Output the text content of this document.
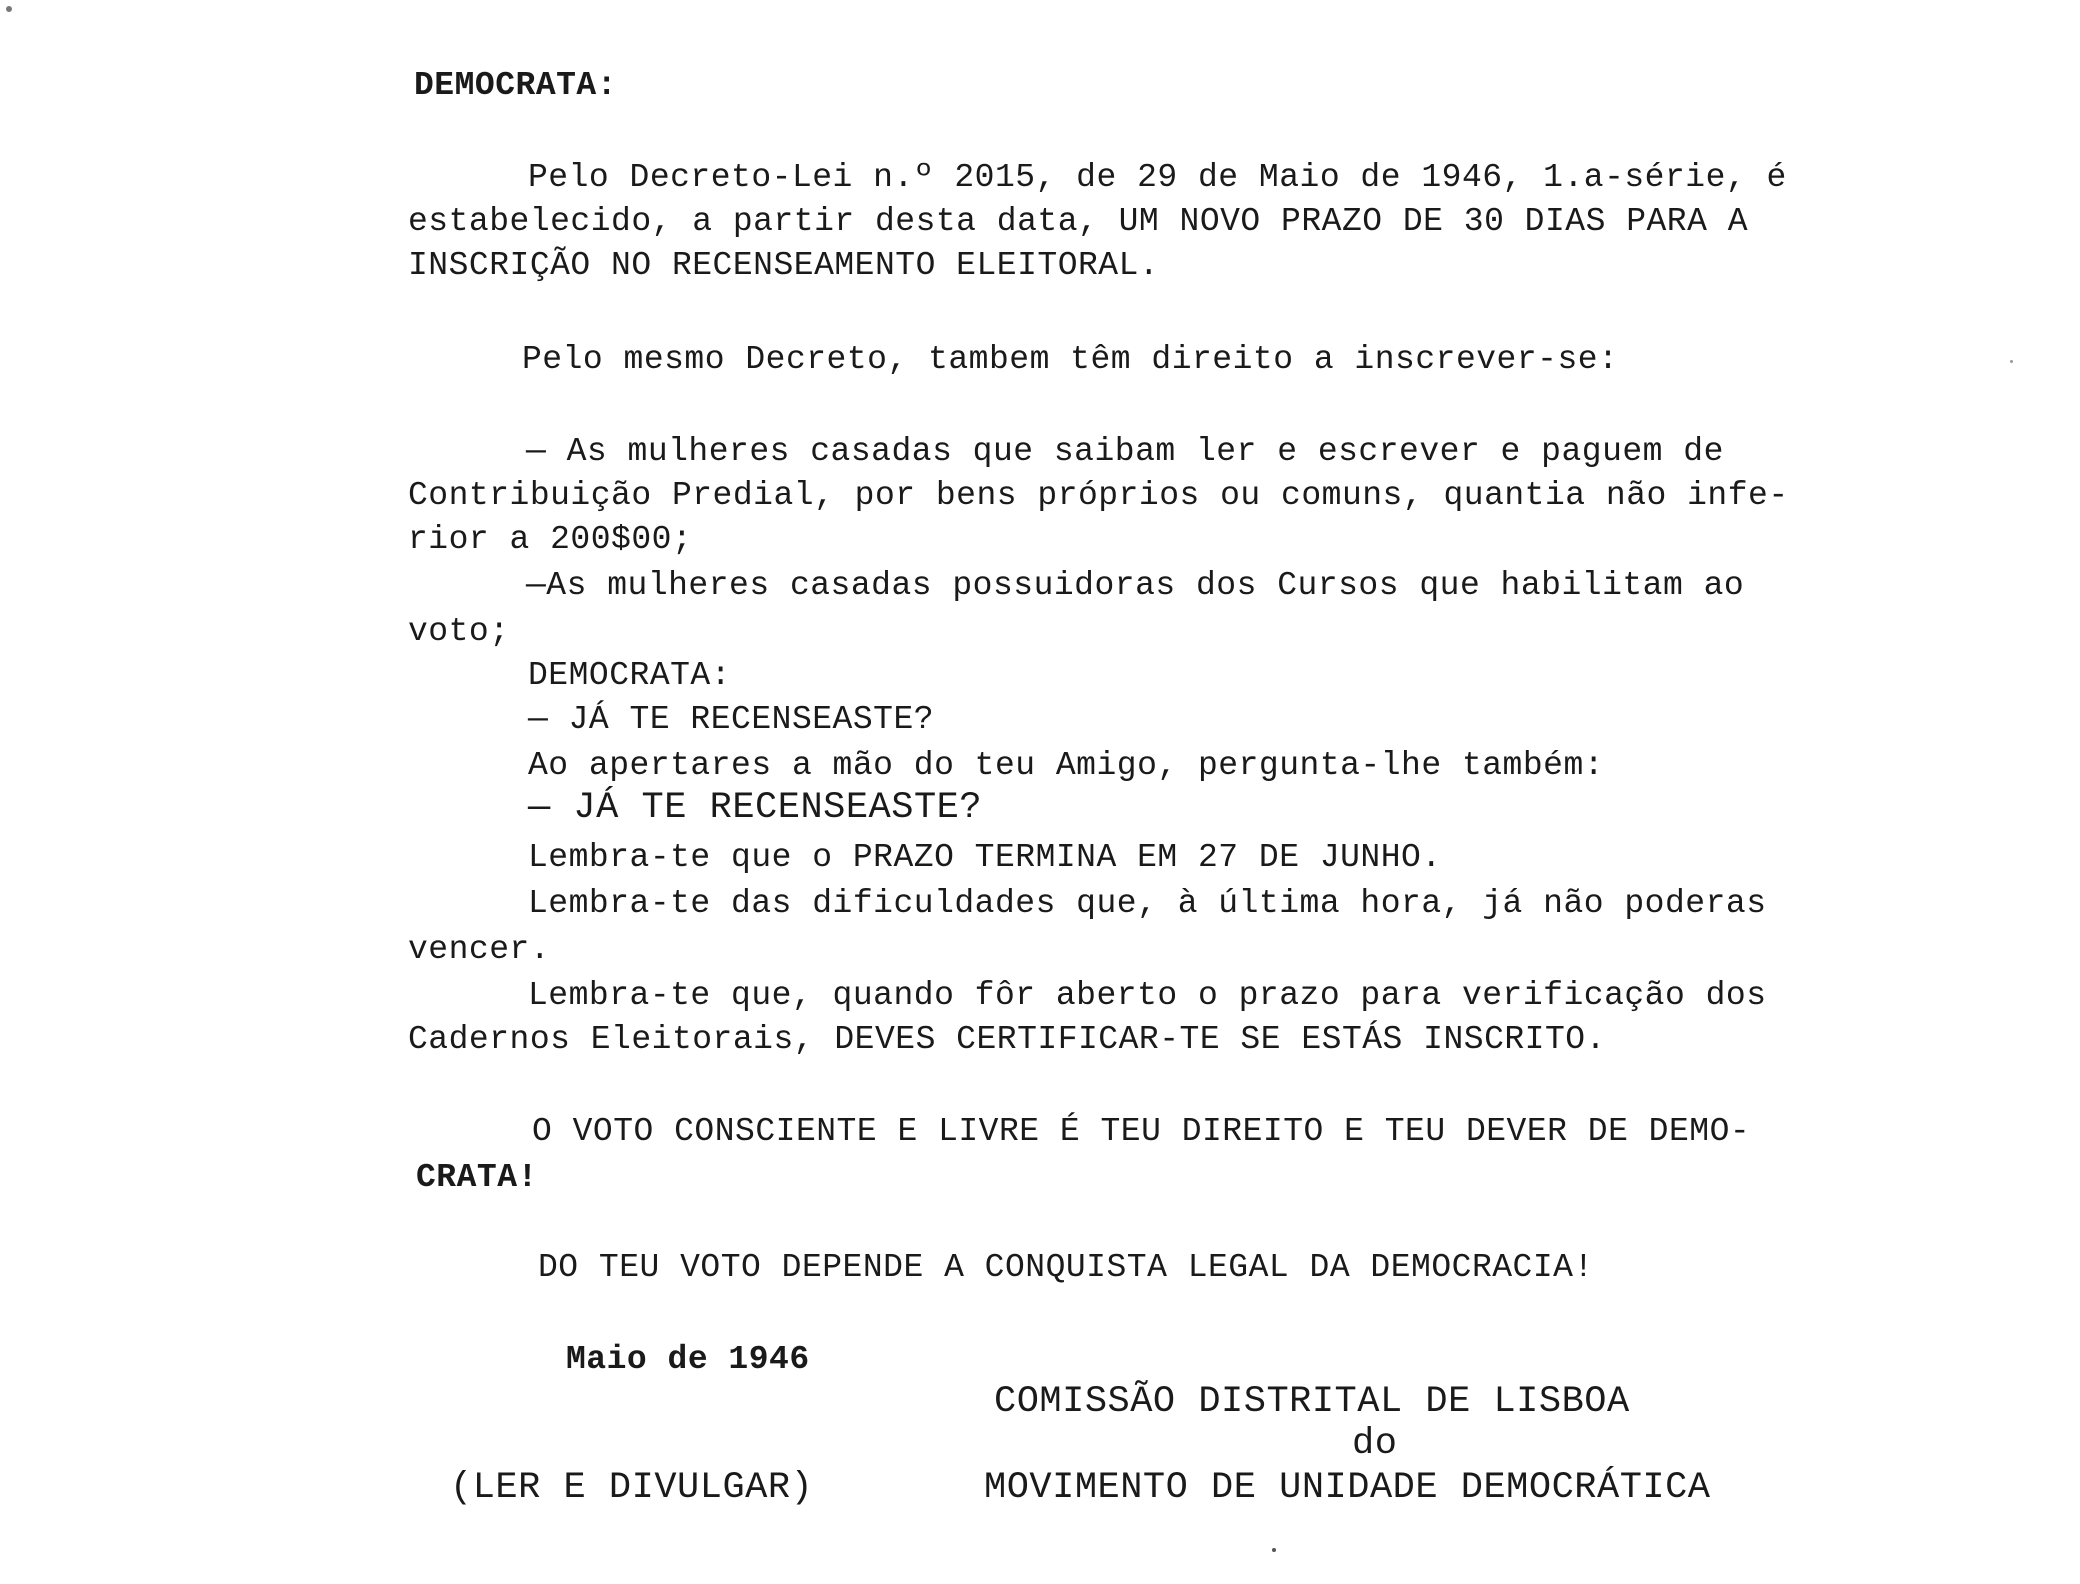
DEMOCRATA:
Pelo Decreto-Lei n.º 2015, de 29 de Maio de 1946, 1.a-série, é
estabelecido, a partir desta data, UM NOVO PRAZO DE 30 DIAS PARA A
INSCRIÇÃO NO RECENSEAMENTO ELEITORAL.
Pelo mesmo Decreto, tambem têm direito a inscrever-se:
— As mulheres casadas que saibam ler e escrever e paguem de
Contribuição Predial, por bens próprios ou comuns, quantia não infe-
rior a 200$00;
—As mulheres casadas possuidoras dos Cursos que habilitam ao
voto;
DEMOCRATA:
— JÁ TE RECENSEASTE?
Ao apertares a mão do teu Amigo, pergunta-lhe também:
— JÁ TE RECENSEASTE?
Lembra-te que o PRAZO TERMINA EM 27 DE JUNHO.
Lembra-te das dificuldades que, à última hora, já não poderas
vencer.
Lembra-te que, quando fôr aberto o prazo para verificação dos
Cadernos Eleitorais, DEVES CERTIFICAR-TE SE ESTÁS INSCRITO.
O VOTO CONSCIENTE E LIVRE É TEU DIREITO E TEU DEVER DE DEMO-
CRATA!
DO TEU VOTO DEPENDE A CONQUISTA LEGAL DA DEMOCRACIA!
Maio de 1946
COMISSÃO DISTRITAL DE LISBOA
do
MOVIMENTO DE UNIDADE DEMOCRÁTICA
(LER E DIVULGAR)
